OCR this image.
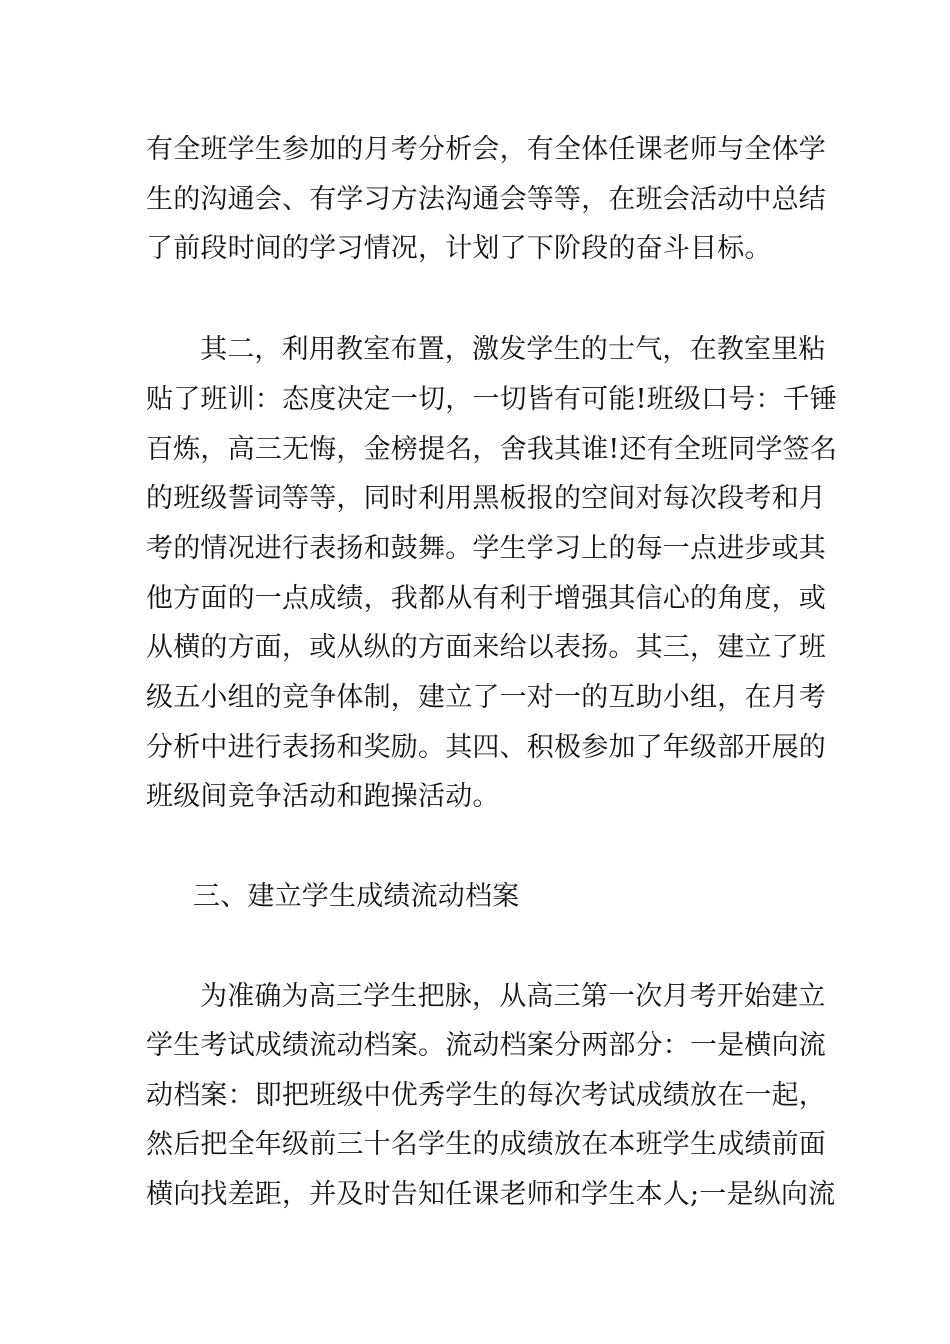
有全班学生参加的月考分析会，有全体任课老师与全体学
生的沟通会、有学习方法沟通会等等，在班会活动中总结
了前段时间的学习情况，计划了下阶段的奋斗目标。
其二，利用教室布置，激发学生的士气，在教室里粘
贴了班训：态度决定一切，一切皆有可能!班级口号：千锤
百炼，高三无悔，金榜提名，舍我其谁!还有全班同学签名
的班级誓词等等，同时利用黑板报的空间对每次段考和月
考的情况进行表扬和鼓舞。学生学习上的每一点进步或其
他方面的一点成绩，我都从有利于增强其信心的角度，或
从横的方面，或从纵的方面来给以表扬。其三，建立了班
级五小组的竞争体制，建立了一对一的互助小组，在月考
分析中进行表扬和奖励。其四、积极参加了年级部开展的
班级间竞争活动和跑操活动。
三、建立学生成绩流动档案
为准确为高三学生把脉，从高三第一次月考开始建立
学生考试成绩流动档案。流动档案分两部分：一是横向流
动档案：即把班级中优秀学生的每次考试成绩放在一起，
然后把全年级前三十名学生的成绩放在本班学生成绩前面
横向找差距，并及时告知任课老师和学生本人;一是纵向流
